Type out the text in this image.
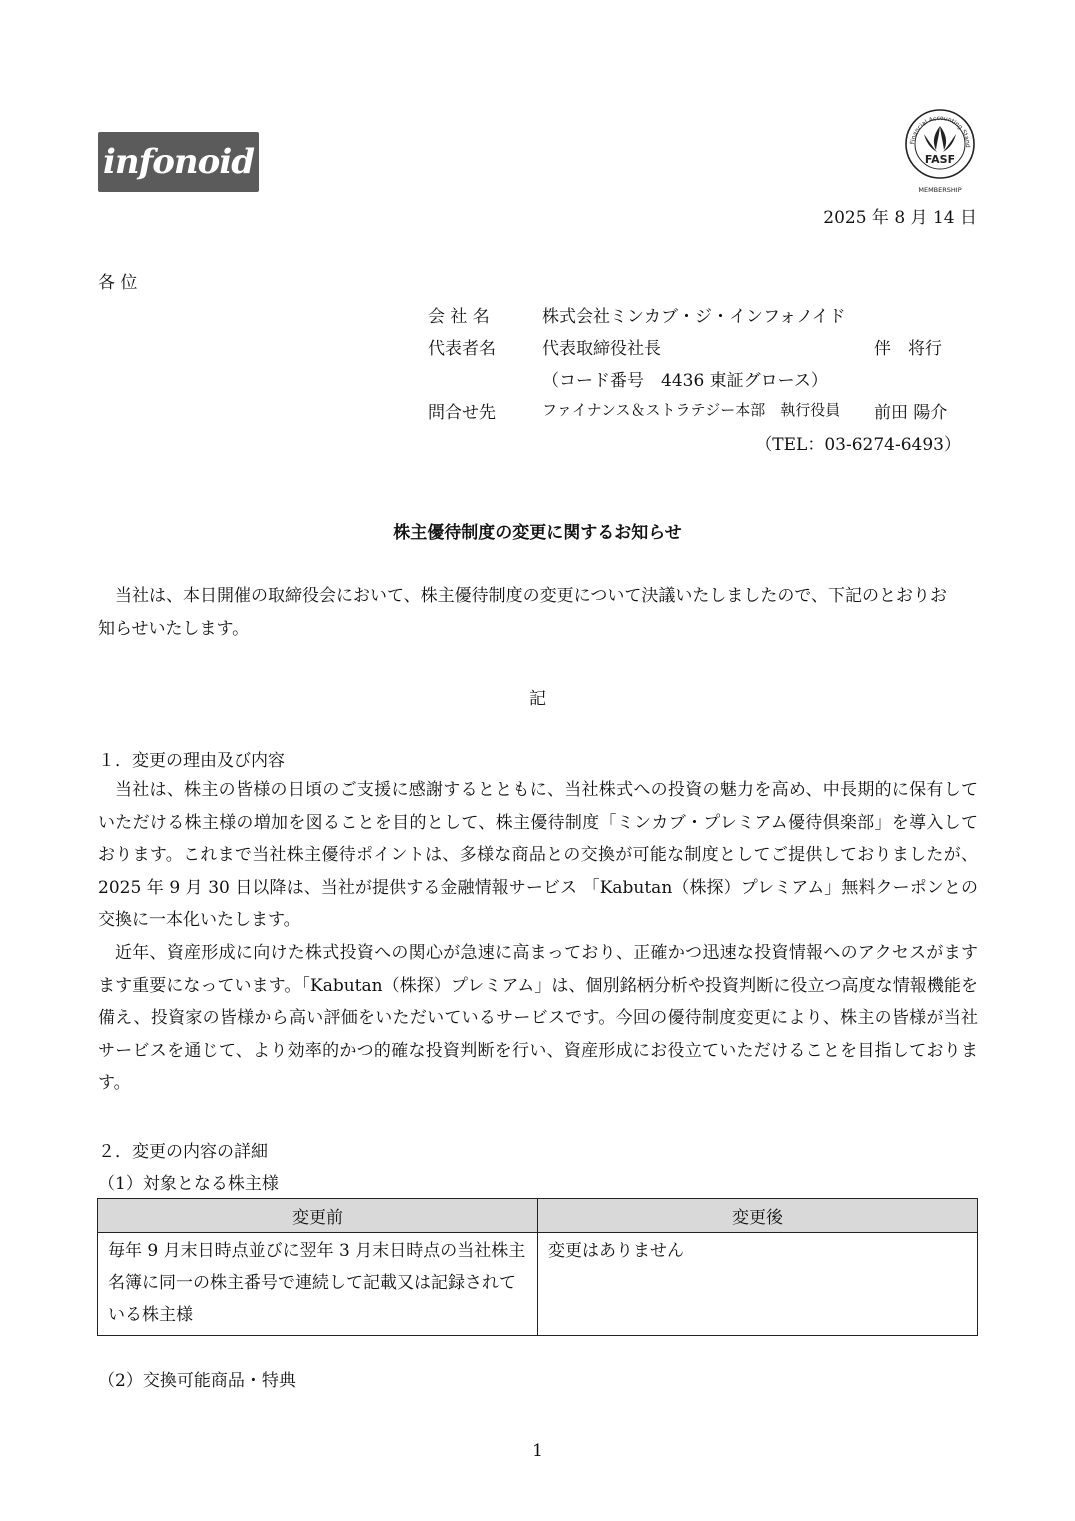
infonoid	Financial Accounting Stand
FASF
MEMBERSHIP
2025 年 8 月 14 日
各 位
会 社 名	株式会社ミンカブ・ジ・インフォノイド
代表者名	代表取締役社長	伴　将行
（コード番号　4436 東証グロース）
問合せ先	ファイナンス＆ストラテジー本部　執行役員 前田 陽介
（TEL：03-6274-6493）
株主優待制度の変更に関するお知らせ

当社は、本日開催の取締役会において、株主優待制度の変更について決議いたしましたので、下記のとおりお知らせいたします。

記
１．変更の理由及び内容

当社は、株主の皆様の日頃のご支援に感謝するとともに、当社株式への投資の魅力を高め、中長期的に保有していただける株主様の増加を図ることを目的として、株主優待制度「ミンカブ・プレミアム優待倶楽部」を導入しております。これまで当社株主優待ポイントは、多様な商品との交換が可能な制度としてご提供しておりましたが、2025 年 9 月 30 日以降は、当社が提供する金融情報サービス 「Kabutan（株探）プレミアム」無料クーポンとの交換に一本化いたします。

近年、資産形成に向けた株式投資への関心が急速に高まっており、正確かつ迅速な投資情報へのアクセスがますます重要になっています。「Kabutan（株探）プレミアム」は、個別銘柄分析や投資判断に役立つ高度な情報機能を備え、投資家の皆様から高い評価をいただいているサービスです。今回の優待制度変更により、株主の皆様が当社サービスを通じて、より効率的かつ的確な投資判断を行い、資産形成にお役立ていただけることを目指しております。

２．変更の内容の詳細
（1）対象となる株主様
変更前	変更後
毎年 9 月末日時点並びに翌年 3 月末日時点の当社株主名簿に同一の株主番号で連続して記載又は記録されている株主様	変更はありません
（2）交換可能商品・特典
1
